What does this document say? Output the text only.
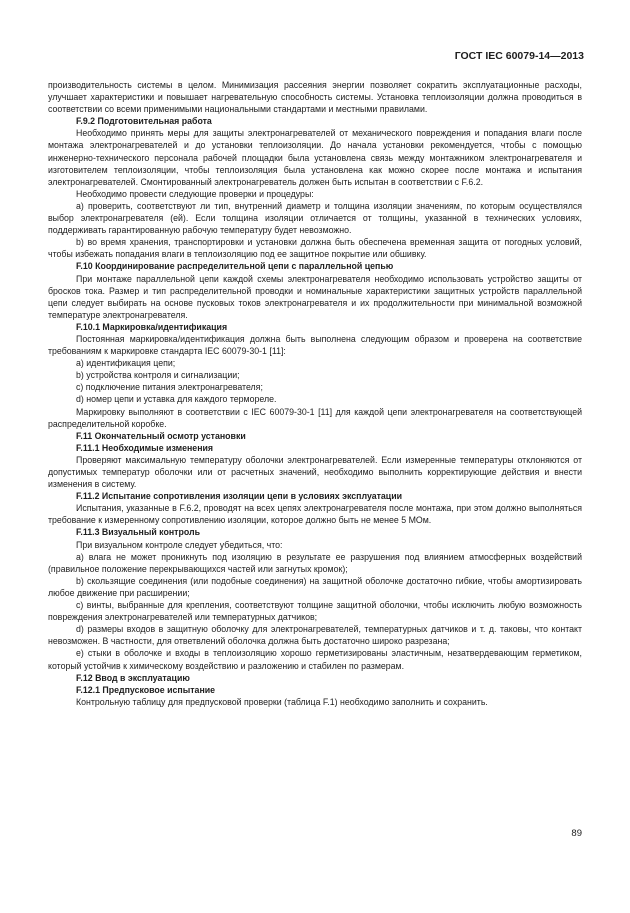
ГОСТ IEC 60079-14—2013

производительность системы в целом. Минимизация рассеяния энергии позволяет сократить эксплуатационные расходы, улучшает характеристики и повышает нагревательную способность системы. Установка теплоизоляции должна проводиться в соответствии со всеми применимыми национальными стандартами и местными правилами.

F.9.2 Подготовительная работа

Необходимо принять меры для защиты электронагревателей от механического повреждения и попадания влаги после монтажа электронагревателей и до установки теплоизоляции. До начала установки рекомендуется, чтобы с помощью инженерно-технического персонала рабочей площадки была установлена связь между монтажником электронагревателя и изготовителем теплоизоляции, чтобы теплоизоляция была установлена как можно скорее после монтажа и испытания электронагревателей. Смонтированный электронагреватель должен быть испытан в соответствии с F.6.2.

Необходимо провести следующие проверки и процедуры:

a) проверить, соответствуют ли тип, внутренний диаметр и толщина изоляции значениям, по которым осуществлялся выбор электронагревателя (ей). Если толщина изоляции отличается от толщины, указанной в технических условиях, поддерживать гарантированную рабочую температуру будет невозможно.

b) во время хранения, транспортировки и установки должна быть обеспечена временная защита от погодных условий, чтобы избежать попадания влаги в теплоизоляцию под ее защитное покрытие или обшивку.

F.10 Координирование распределительной цепи с параллельной цепью

При монтаже параллельной цепи каждой схемы электронагревателя необходимо использовать устройство защиты от бросков тока. Размер и тип распределительной проводки и номинальные характеристики защитных устройств параллельной цепи следует выбирать на основе пусковых токов электронагревателя и их продолжительности при минимальной возможной температуре электронагревателя.

F.10.1 Маркировка/идентификация

Постоянная маркировка/идентификация должна быть выполнена следующим образом и проверена на соответствие требованиям к маркировке стандарта IEC 60079-30-1 [11]:

a) идентификация цепи;

b) устройства контроля и сигнализации;

c) подключение питания электронагревателя;

d) номер цепи и уставка для каждого термореле.

Маркировку выполняют в соответствии с IEC 60079-30-1 [11] для каждой цепи электронагревателя на соответствующей распределительной коробке.

F.11 Окончательный осмотр установки

F.11.1 Необходимые изменения

Проверяют максимальную температуру оболочки электронагревателей. Если измеренные температуры отклоняются от допустимых температур оболочки или от расчетных значений, необходимо выполнить корректирующие действия и внести изменения в систему.

F.11.2 Испытание сопротивления изоляции цепи в условиях эксплуатации

Испытания, указанные в F.6.2, проводят на всех цепях электронагревателя после монтажа, при этом должно выполняться требование к измеренному сопротивлению изоляции, которое должно быть не менее 5 МОм.

F.11.3 Визуальный контроль

При визуальном контроле следует убедиться, что:

a) влага не может проникнуть под изоляцию в результате ее разрушения под влиянием атмосферных воздействий (правильное положение перекрывающихся частей или загнутых кромок);

b) скользящие соединения (или подобные соединения) на защитной оболочке достаточно гибкие, чтобы амортизировать любое движение при расширении;

c) винты, выбранные для крепления, соответствуют толщине защитной оболочки, чтобы исключить любую возможность повреждения электронагревателей или температурных датчиков;

d) размеры входов в защитную оболочку для электронагревателей, температурных датчиков и т. д. таковы, что контакт невозможен. В частности, для ответвлений оболочка должна быть достаточно широко разрезана;

e) стыки в оболочке и входы в теплоизоляцию хорошо герметизированы эластичным, незатвердевающим герметиком, который устойчив к химическому воздействию и разложению и стабилен по размерам.

F.12 Ввод в эксплуатацию

F.12.1 Предпусковое испытание

Контрольную таблицу для предпусковой проверки (таблица F.1) необходимо заполнить и сохранить.

89
